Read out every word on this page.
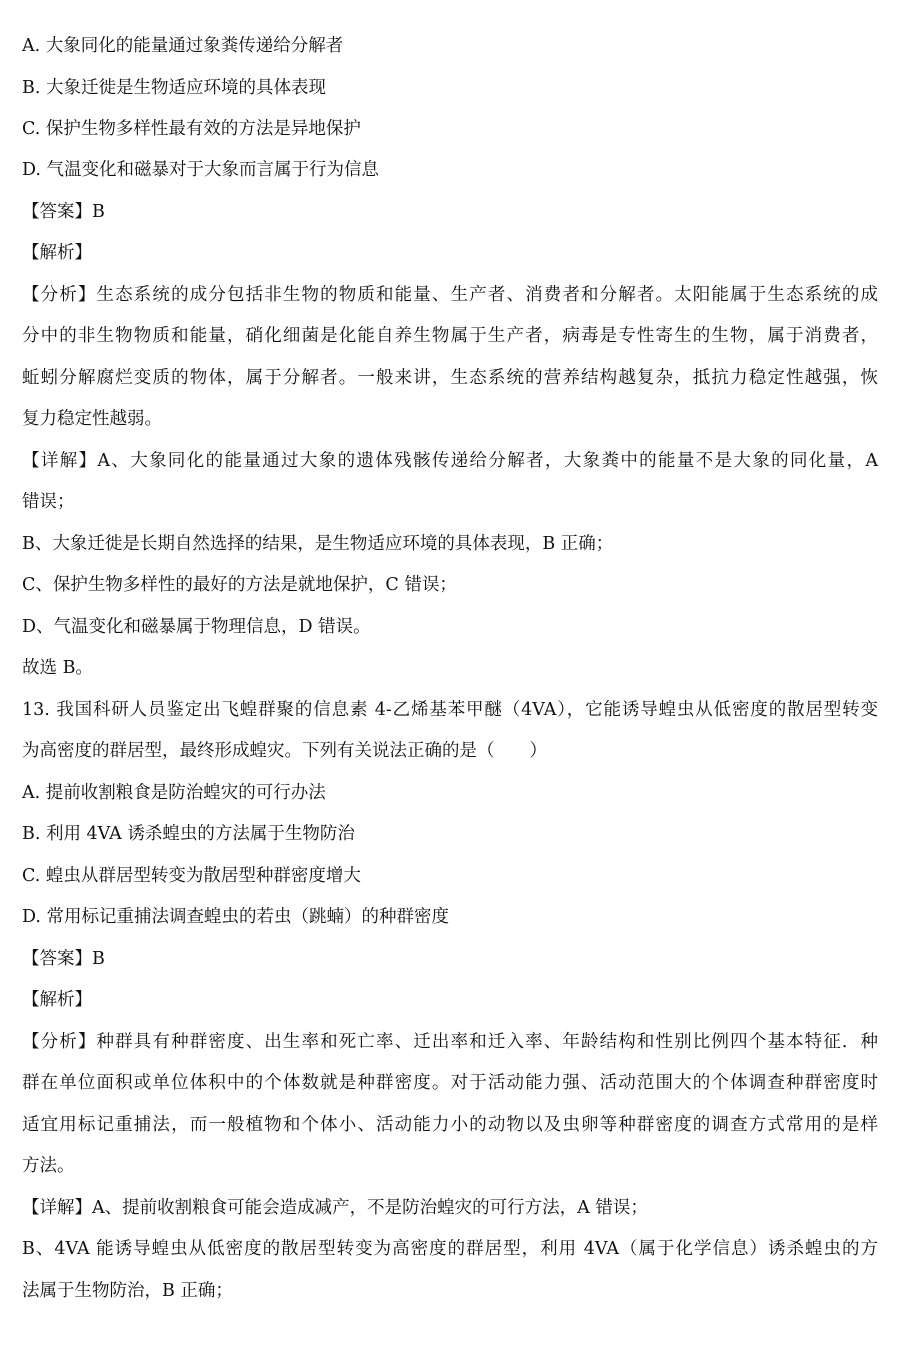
A. 大象同化的能量通过象粪传递给分解者
B. 大象迁徙是生物适应环境的具体表现
C. 保护生物多样性最有效的方法是异地保护
D. 气温变化和磁暴对于大象而言属于行为信息
【答案】B
【解析】
【分析】生态系统的成分包括非生物的物质和能量、生产者、消费者和分解者。太阳能属于生态系统的成
分中的非生物物质和能量，硝化细菌是化能自养生物属于生产者，病毒是专性寄生的生物，属于消费者，
蚯蚓分解腐烂变质的物体，属于分解者。一般来讲，生态系统的营养结构越复杂，抵抗力稳定性越强，恢
复力稳定性越弱。
【详解】A、大象同化的能量通过大象的遗体残骸传递给分解者，大象粪中的能量不是大象的同化量，A
错误；
B、大象迁徙是长期自然选择的结果，是生物适应环境的具体表现，B 正确；
C、保护生物多样性的最好的方法是就地保护，C 错误；
D、气温变化和磁暴属于物理信息，D 错误。
故选 B。
13. 我国科研人员鉴定出飞蝗群聚的信息素 4-乙烯基苯甲醚（4VA），它能诱导蝗虫从低密度的散居型转变
为高密度的群居型，最终形成蝗灾。下列有关说法正确的是（　　）
A. 提前收割粮食是防治蝗灾的可行办法
B. 利用 4VA 诱杀蝗虫的方法属于生物防治
C. 蝗虫从群居型转变为散居型种群密度增大
D. 常用标记重捕法调查蝗虫的若虫（跳蝻）的种群密度
【答案】B
【解析】
【分析】种群具有种群密度、出生率和死亡率、迁出率和迁入率、年龄结构和性别比例四个基本特征．种
群在单位面积或单位体积中的个体数就是种群密度。对于活动能力强、活动范围大的个体调查种群密度时
适宜用标记重捕法，而一般植物和个体小、活动能力小的动物以及虫卵等种群密度的调查方式常用的是样
方法。
【详解】A、提前收割粮食可能会造成减产，不是防治蝗灾的可行方法，A 错误；
B、4VA 能诱导蝗虫从低密度的散居型转变为高密度的群居型，利用 4VA（属于化学信息）诱杀蝗虫的方
法属于生物防治，B 正确；
